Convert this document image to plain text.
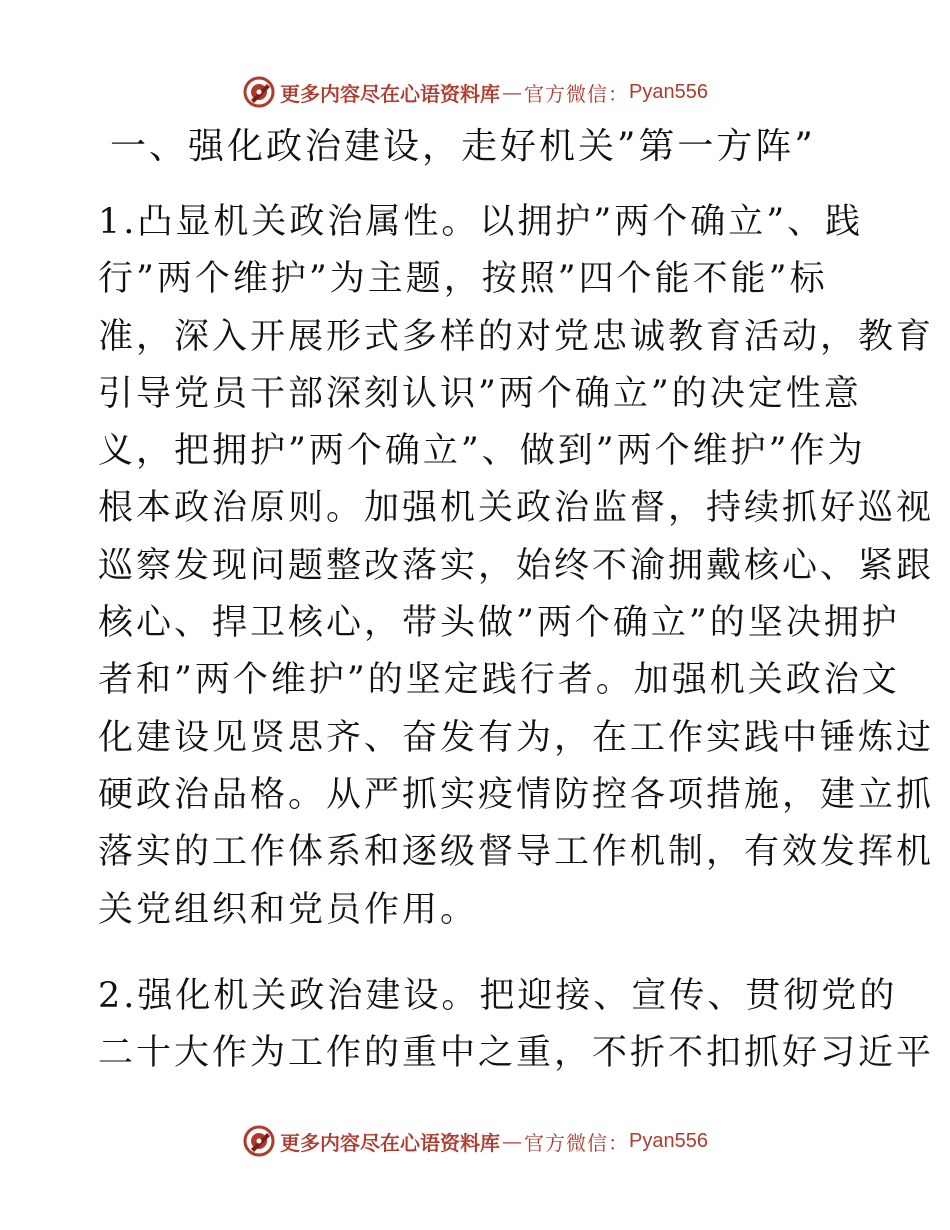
更多内容尽在心语资料库 — 官方微信： Pyan556
一、强化政治建设，走好机关”第一方阵”
1.凸显机关政治属性。以拥护”两个确立”、践
行”两个维护”为主题，按照”四个能不能”标
准，深入开展形式多样的对党忠诚教育活动，教育
引导党员干部深刻认识”两个确立”的决定性意
义，把拥护”两个确立”、做到”两个维护”作为
根本政治原则。加强机关政治监督，持续抓好巡视
巡察发现问题整改落实，始终不渝拥戴核心、紧跟
核心、捍卫核心，带头做”两个确立”的坚决拥护
者和”两个维护”的坚定践行者。加强机关政治文
化建设见贤思齐、奋发有为，在工作实践中锤炼过
硬政治品格。从严抓实疫情防控各项措施，建立抓
落实的工作体系和逐级督导工作机制，有效发挥机
关党组织和党员作用。
2.强化机关政治建设。把迎接、宣传、贯彻党的
二十大作为工作的重中之重，不折不扣抓好习近平
更多内容尽在心语资料库 — 官方微信： Pyan556
